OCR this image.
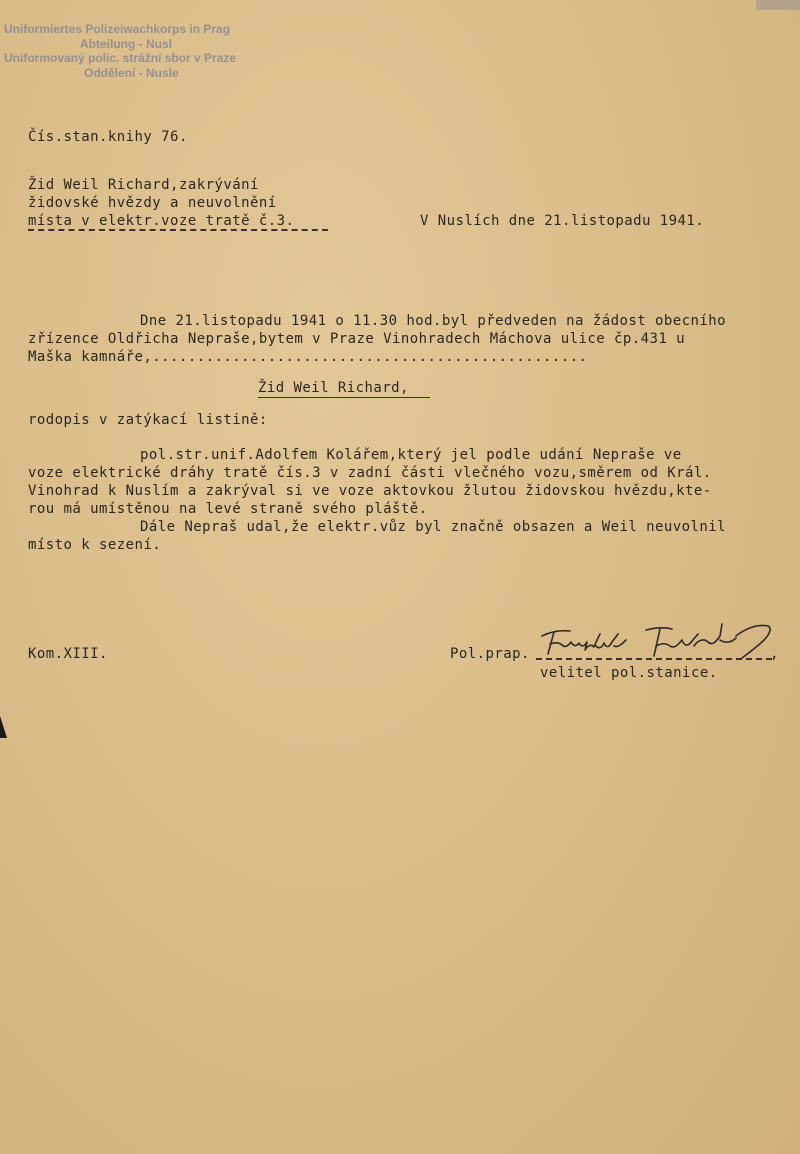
Uniformiertes Polizeiwachkorps in Prag
Abteilung - Nusl
Uniformovaný polic. strážní sbor v Praze
Oddělení - Nusle
Čís.stan.knihy 76.
Žid Weil Richard,zakrývání
židovské hvězdy a neuvolnění
místa v elektr.voze tratě č.3.	V Nuslích dne 21.listopadu 1941.
Dne 21.listopadu 1941 o 11.30 hod.byl předveden na žádost obecního
zřízence Oldřicha Nepraše,bytem v Praze Vinohradech Máchova ulice čp.431 u
Maška kamnáře,.................................................
Žid Weil Richard,
rodopis v zatýkací listině:
pol.str.unif.Adolfem Kolářem,který jel podle udání Nepraše ve
voze elektrické dráhy tratě čís.3 v zadní části vlečného vozu,směrem od Král.
Vinohrad k Nuslím a zakrýval si ve voze aktovkou žlutou židovskou hvězdu,kte-
rou má umístěnou na levé straně svého pláště.
Dále Nepraš udal,že elektr.vůz byl značně obsazen a Weil neuvolnil
místo k sezení.
Kom.XIII.	Pol.prap.	,
velitel pol.stanice.
